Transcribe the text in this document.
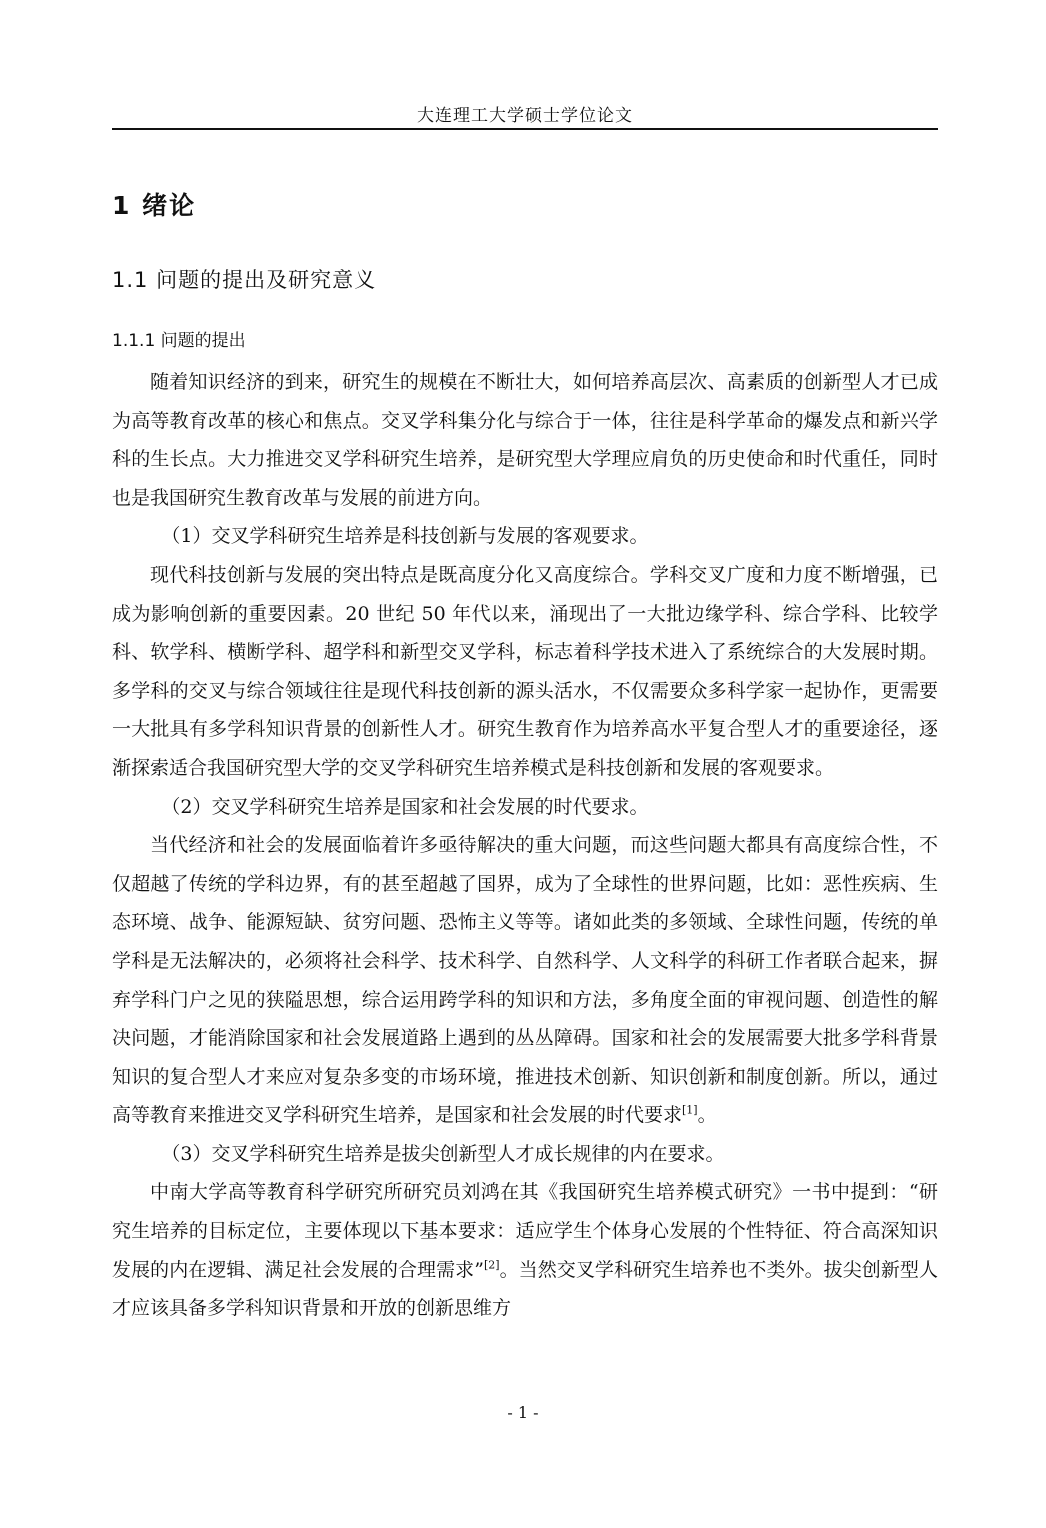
大连理工大学硕士学位论文
1 绪论
1.1 问题的提出及研究意义
1.1.1 问题的提出

随着知识经济的到来，研究生的规模在不断壮大，如何培养高层次、高素质的创新型人才已成为高等教育改革的核心和焦点。交叉学科集分化与综合于一体，往往是科学革命的爆发点和新兴学科的生长点。大力推进交叉学科研究生培养，是研究型大学理应肩负的历史使命和时代重任，同时也是我国研究生教育改革与发展的前进方向。

（1）交叉学科研究生培养是科技创新与发展的客观要求。

现代科技创新与发展的突出特点是既高度分化又高度综合。学科交叉广度和力度不断增强，已成为影响创新的重要因素。20 世纪 50 年代以来，涌现出了一大批边缘学科、综合学科、比较学科、软学科、横断学科、超学科和新型交叉学科，标志着科学技术进入了系统综合的大发展时期。多学科的交叉与综合领域往往是现代科技创新的源头活水，不仅需要众多科学家一起协作，更需要一大批具有多学科知识背景的创新性人才。研究生教育作为培养高水平复合型人才的重要途径，逐渐探索适合我国研究型大学的交叉学科研究生培养模式是科技创新和发展的客观要求。

（2）交叉学科研究生培养是国家和社会发展的时代要求。

当代经济和社会的发展面临着许多亟待解决的重大问题，而这些问题大都具有高度综合性，不仅超越了传统的学科边界，有的甚至超越了国界，成为了全球性的世界问题，比如：恶性疾病、生态环境、战争、能源短缺、贫穷问题、恐怖主义等等。诸如此类的多领域、全球性问题，传统的单学科是无法解决的，必须将社会科学、技术科学、自然科学、人文科学的科研工作者联合起来，摒弃学科门户之见的狭隘思想，综合运用跨学科的知识和方法，多角度全面的审视问题、创造性的解决问题，才能消除国家和社会发展道路上遇到的丛丛障碍。国家和社会的发展需要大批多学科背景知识的复合型人才来应对复杂多变的市场环境，推进技术创新、知识创新和制度创新。所以，通过高等教育来推进交叉学科研究生培养，是国家和社会发展的时代要求[1]。

（3）交叉学科研究生培养是拔尖创新型人才成长规律的内在要求。

中南大学高等教育科学研究所研究员刘鸿在其《我国研究生培养模式研究》一书中提到：“研究生培养的目标定位，主要体现以下基本要求：适应学生个体身心发展的个性特征、符合高深知识发展的内在逻辑、满足社会发展的合理需求”[2]。当然交叉学科研究生培养也不类外。拔尖创新型人才应该具备多学科知识背景和开放的创新思维方

- 1 -
